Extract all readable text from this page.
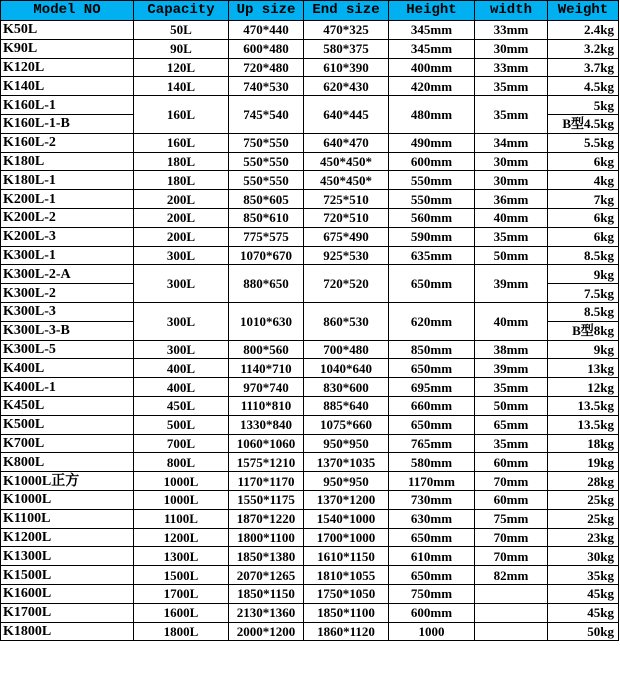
Model NO	Capacity	Up size	End size	Height	width	Weight
K50L	50L	470*440	470*325	345mm	33mm	2.4kg
K90L	90L	600*480	580*375	345mm	30mm	3.2kg
K120L	120L	720*480	610*390	400mm	33mm	3.7kg
K140L	140L	740*530	620*430	420mm	35mm	4.5kg
K160L-1	160L	745*540	640*445	480mm	35mm	5kg
K160L-1-B						B型4.5kg
K160L-2	160L	750*550	640*470	490mm	34mm	5.5kg
K180L	180L	550*550	450*450*	600mm	30mm	6kg
K180L-1	180L	550*550	450*450*	550mm	30mm	4kg
K200L-1	200L	850*605	725*510	550mm	36mm	7kg
K200L-2	200L	850*610	720*510	560mm	40mm	6kg
K200L-3	200L	775*575	675*490	590mm	35mm	6kg
K300L-1	300L	1070*670	925*530	635mm	50mm	8.5kg
K300L-2-A	300L	880*650	720*520	650mm	39mm	9kg
K300L-2						7.5kg
K300L-3	300L	1010*630	860*530	620mm	40mm	8.5kg
K300L-3-B						B型8kg
K300L-5	300L	800*560	700*480	850mm	38mm	9kg
K400L	400L	1140*710	1040*640	650mm	39mm	13kg
K400L-1	400L	970*740	830*600	695mm	35mm	12kg
K450L	450L	1110*810	885*640	660mm	50mm	13.5kg
K500L	500L	1330*840	1075*660	650mm	65mm	13.5kg
K700L	700L	1060*1060	950*950	765mm	35mm	18kg
K800L	800L	1575*1210	1370*1035	580mm	60mm	19kg
K1000L正方	1000L	1170*1170	950*950	1170mm	70mm	28kg
K1000L	1000L	1550*1175	1370*1200	730mm	60mm	25kg
K1100L	1100L	1870*1220	1540*1000	630mm	75mm	25kg
K1200L	1200L	1800*1100	1700*1000	650mm	70mm	23kg
K1300L	1300L	1850*1380	1610*1150	610mm	70mm	30kg
K1500L	1500L	2070*1265	1810*1055	650mm	82mm	35kg
K1600L	1700L	1850*1150	1750*1050	750mm		45kg
K1700L	1600L	2130*1360	1850*1100	600mm		45kg
K1800L	1800L	2000*1200	1860*1120	1000		50kg
